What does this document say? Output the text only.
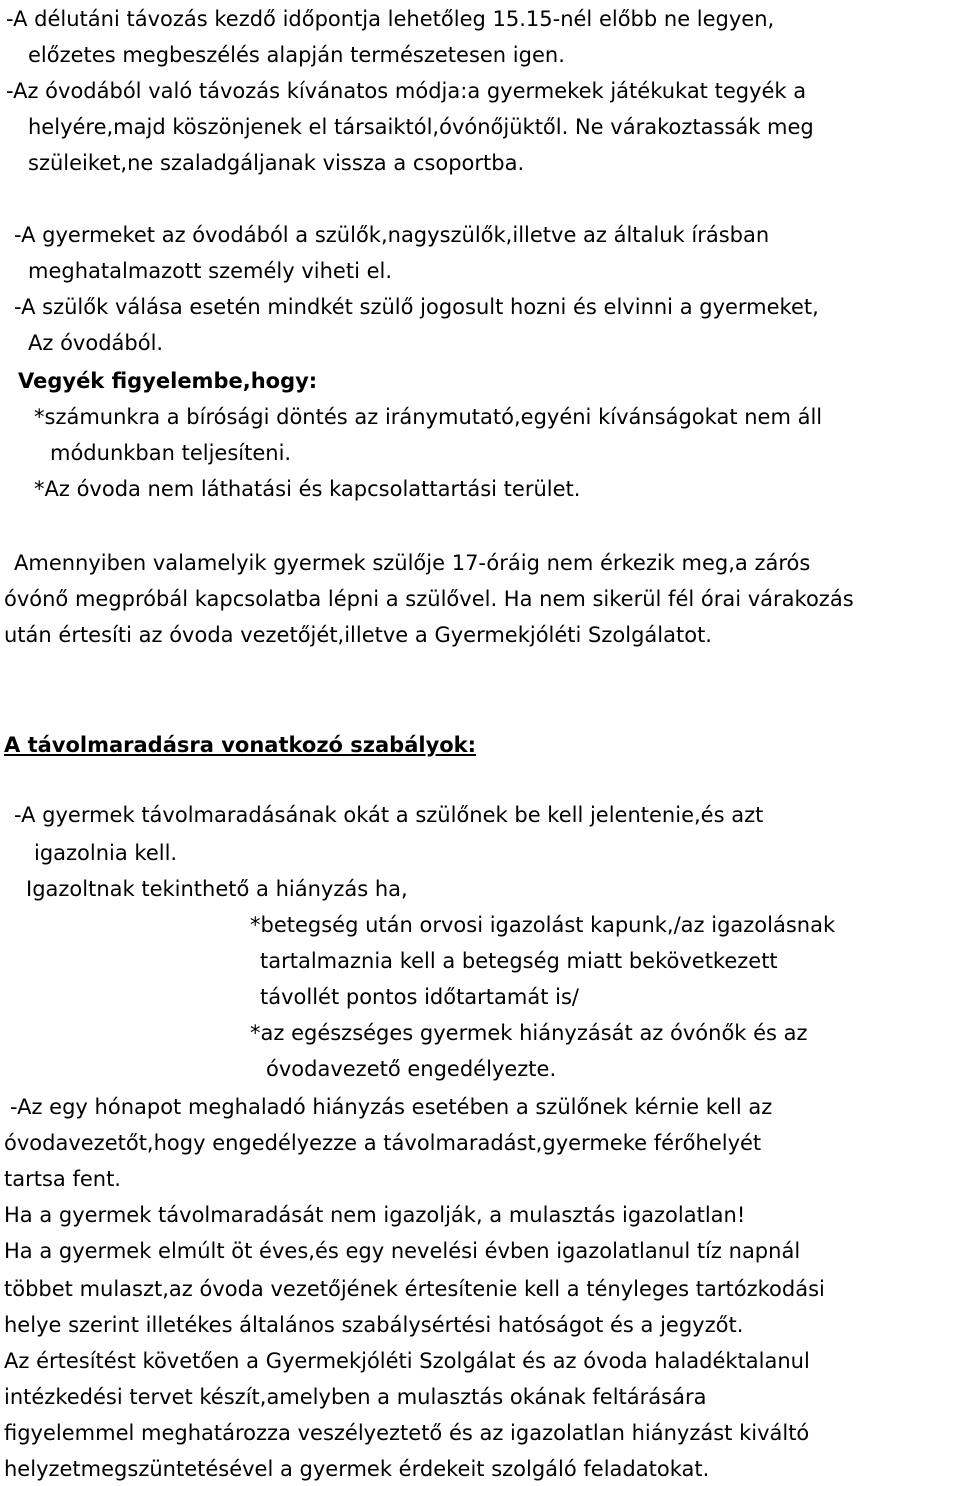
-A délutáni távozás kezdő időpontja lehetőleg 15.15-nél előbb ne legyen,
előzetes megbeszélés alapján természetesen igen.
-Az óvodából való távozás kívánatos módja:a gyermekek játékukat tegyék a
helyére,majd köszönjenek el társaiktól,óvónőjüktől. Ne várakoztassák meg
szüleiket,ne szaladgáljanak vissza a csoportba.
-A gyermeket az óvodából a szülők,nagyszülők,illetve az általuk írásban
meghatalmazott személy viheti el.
-A szülők válása esetén mindkét szülő jogosult hozni és elvinni a gyermeket,
Az óvodából.
Vegyék figyelembe,hogy:
*számunkra a bírósági döntés az iránymutató,egyéni kívánságokat nem áll
módunkban teljesíteni.
*Az óvoda nem láthatási és kapcsolattartási terület.
Amennyiben valamelyik gyermek szülője 17-óráig nem érkezik meg,a zárós
óvónő megpróbál kapcsolatba lépni a szülővel. Ha nem sikerül fél órai várakozás
után értesíti az óvoda vezetőjét,illetve a Gyermekjóléti Szolgálatot.
A távolmaradásra vonatkozó szabályok:
-A gyermek távolmaradásának okát a szülőnek be kell jelentenie,és azt
igazolnia kell.
Igazoltnak tekinthető a hiányzás ha,
*betegség után orvosi igazolást kapunk,/az igazolásnak
tartalmaznia kell a betegség miatt bekövetkezett
távollét pontos időtartamát is/
*az egészséges gyermek hiányzását az óvónők és az
óvodavezető engedélyezte.
-Az egy hónapot meghaladó hiányzás esetében a szülőnek kérnie kell az
óvodavezetőt,hogy engedélyezze a távolmaradást,gyermeke férőhelyét
tartsa fent.
Ha a gyermek távolmaradását nem igazolják, a mulasztás igazolatlan!
Ha a gyermek elmúlt öt éves,és egy nevelési évben igazolatlanul tíz napnál
többet mulaszt,az óvoda vezetőjének értesítenie kell a tényleges tartózkodási
helye szerint illetékes általános szabálysértési hatóságot és a jegyzőt.
Az értesítést követően a Gyermekjóléti Szolgálat és az óvoda haladéktalanul
intézkedési tervet készít,amelyben a mulasztás okának feltárására
figyelemmel meghatározza veszélyeztető és az igazolatlan hiányzást kiváltó
helyzetmegszüntetésével a gyermek érdekeit szolgáló feladatokat.
